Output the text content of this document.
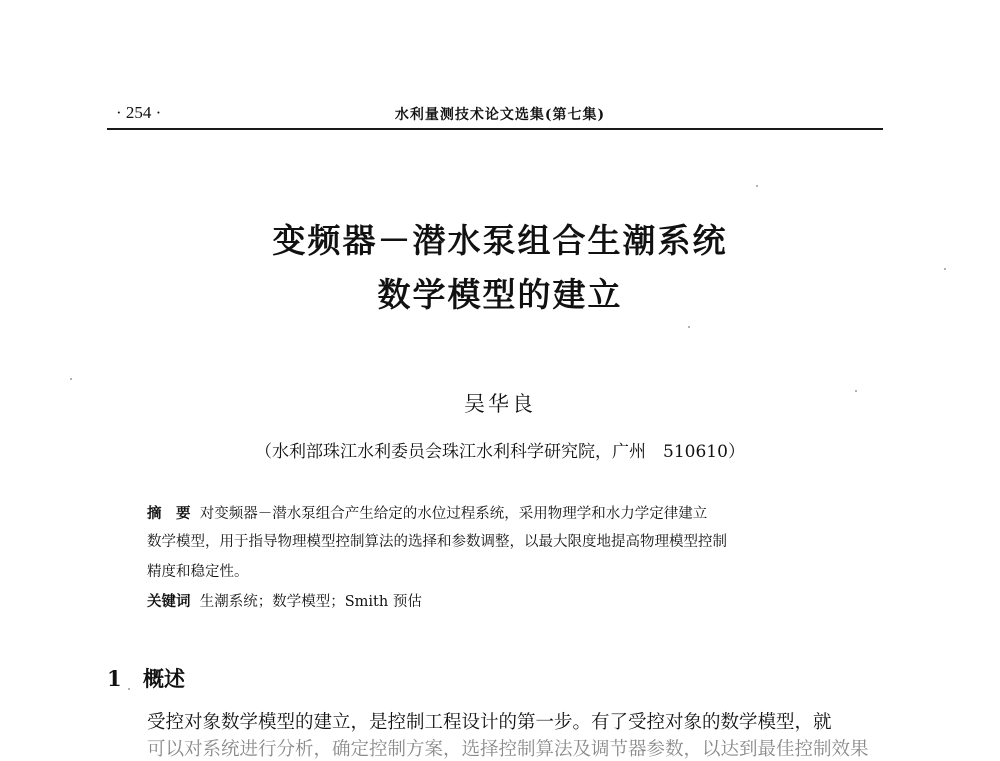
· 254 ·	水利量测技术论文选集(第七集)
变频器－潜水泵组合生潮系统
数学模型的建立
吴华良
（水利部珠江水利委员会珠江水利科学研究院，广州　510610）
摘　要 对变频器－潜水泵组合产生给定的水位过程系统，采用物理学和水力学定律建立
数学模型，用于指导物理模型控制算法的选择和参数调整，以最大限度地提高物理模型控制
精度和稳定性。
关键词 生潮系统；数学模型；Smith 预估
1 概述
受控对象数学模型的建立，是控制工程设计的第一步。有了受控对象的数学模型，就
可以对系统进行分析，确定控制方案，选择控制算法及调节器参数，以达到最佳控制效果
